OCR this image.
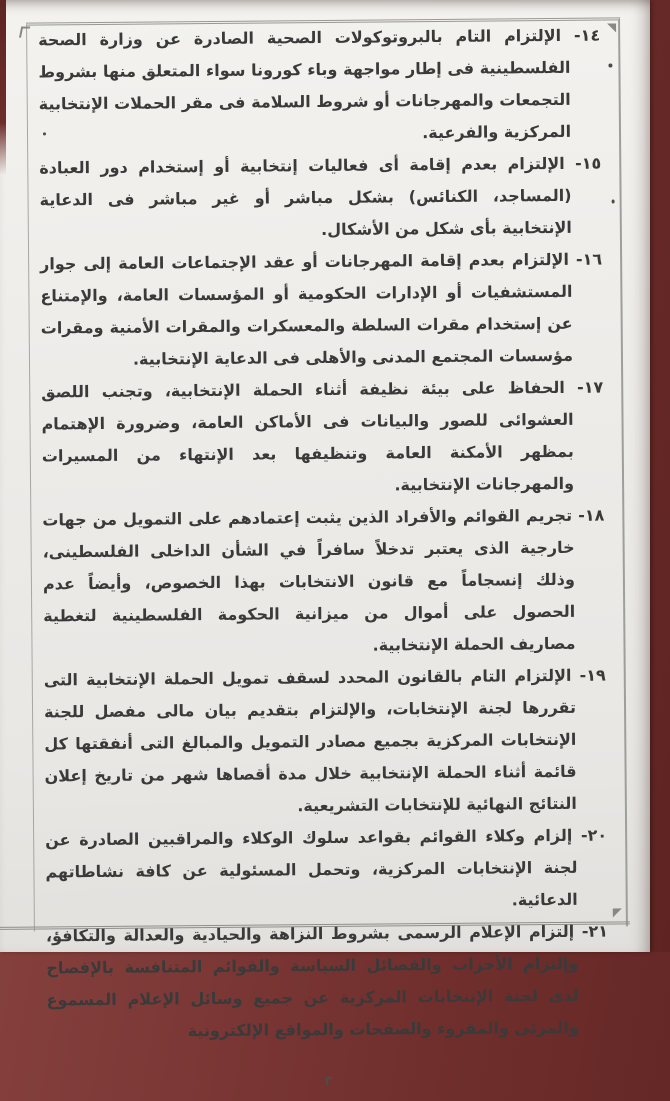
١٤- الإلتزام التام بالبروتوكولات الصحية الصادرة عن وزارة الصحة الفلسطينية فى إطار مواجهة وباء كورونا سواء المتعلق منها بشروط التجمعات والمهرجانات أو شروط السلامة فى مقر الحملات الإنتخابية المركزية والفرعية.

١٥- الإلتزام بعدم إقامة أى فعاليات إنتخابية أو إستخدام دور العبادة (المساجد، الكنائس) بشكل مباشر أو غير مباشر فى الدعاية الإنتخابية بأى شكل من الأشكال.

١٦- الإلتزام بعدم إقامة المهرجانات أو عقد الإجتماعات العامة إلى جوار المستشفيات أو الإدارات الحكومية أو المؤسسات العامة، والإمتناع عن إستخدام مقرات السلطة والمعسكرات والمقرات الأمنية ومقرات مؤسسات المجتمع المدنى والأهلى فى الدعاية الإنتخابية.

١٧- الحفاظ على بيئة نظيفة أثناء الحملة الإنتخابية، وتجنب اللصق العشوائى للصور والبيانات فى الأماكن العامة، وضرورة الإهتمام بمظهر الأمكنة العامة وتنظيفها بعد الإنتهاء من المسيرات والمهرجانات الإنتخابية.

١٨- تجريم القوائم والأفراد الذين يثبت إعتمادهم على التمويل من جهات خارجية الذى يعتبر تدخلاً سافراً في الشأن الداخلى الفلسطينى، وذلك إنسجاماً مع قانون الانتخابات بهذا الخصوص، وأيضاً عدم الحصول على أموال من ميزانية الحكومة الفلسطينية لتغطية مصاريف الحملة الإنتخابية.

١٩- الإلتزام التام بالقانون المحدد لسقف تمويل الحملة الإنتخابية التى تقررها لجنة الإنتخابات، والإلتزام بتقديم بيان مالى مفصل للجنة الإنتخابات المركزية بجميع مصادر التمويل والمبالغ التى أنفقتها كل قائمة أثناء الحملة الإنتخابية خلال مدة أقصاها شهر من تاريخ إعلان النتائج النهائية للإنتخابات التشريعية.

٢٠- إلزام وكلاء القوائم بقواعد سلوك الوكلاء والمراقبين الصادرة عن لجنة الإنتخابات المركزية، وتحمل المسئولية عن كافة نشاطاتهم الدعائية.

٢١- إلتزام الإعلام الرسمى بشروط النزاهة والحيادية والعدالة والتكافؤ، وإلتزام الأحزاب والفصائل السياسة والقوائم المتنافسة بالإفصاح لدى لجنة الإنتخابات المركزية عن جميع وسائل الإعلام المسموع والمرئى والمقروء والصفحات والمواقع الإلكترونية

٣
